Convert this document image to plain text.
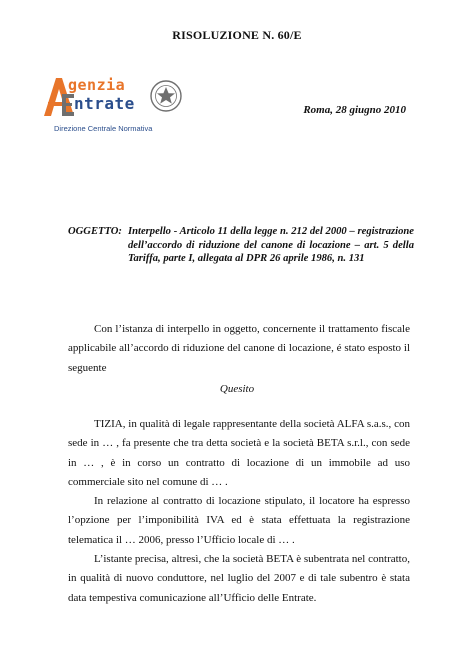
RISOLUZIONE N. 60/E
genzia
ntrate
Direzione Centrale Normativa
Roma, 28 giugno 2010
OGGETTO: Interpello - Articolo 11 della legge n. 212 del 2000 – registrazione dell’accordo di riduzione del canone di locazione – art. 5 della Tariffa, parte I, allegata al DPR 26 aprile 1986, n. 131
Con l’istanza di interpello in oggetto, concernente il trattamento fiscale applicabile all’accordo di riduzione del canone di locazione, é stato esposto il seguente
Quesito
TIZIA, in qualità di legale rappresentante della società ALFA s.a.s., con sede in … , fa presente che tra detta società e la società BETA s.r.l., con sede in … , è in corso un contratto di locazione di un immobile ad uso commerciale sito nel comune di … .
In relazione al contratto di locazione stipulato, il locatore ha espresso l’opzione per l’imponibilità IVA ed è stata effettuata la registrazione telematica il … 2006, presso l’Ufficio locale di … .
L’istante precisa, altresì, che la società BETA è subentrata nel contratto, in qualità di nuovo conduttore, nel luglio del 2007 e di tale subentro è stata data tempestiva comunicazione all’Ufficio delle Entrate.
